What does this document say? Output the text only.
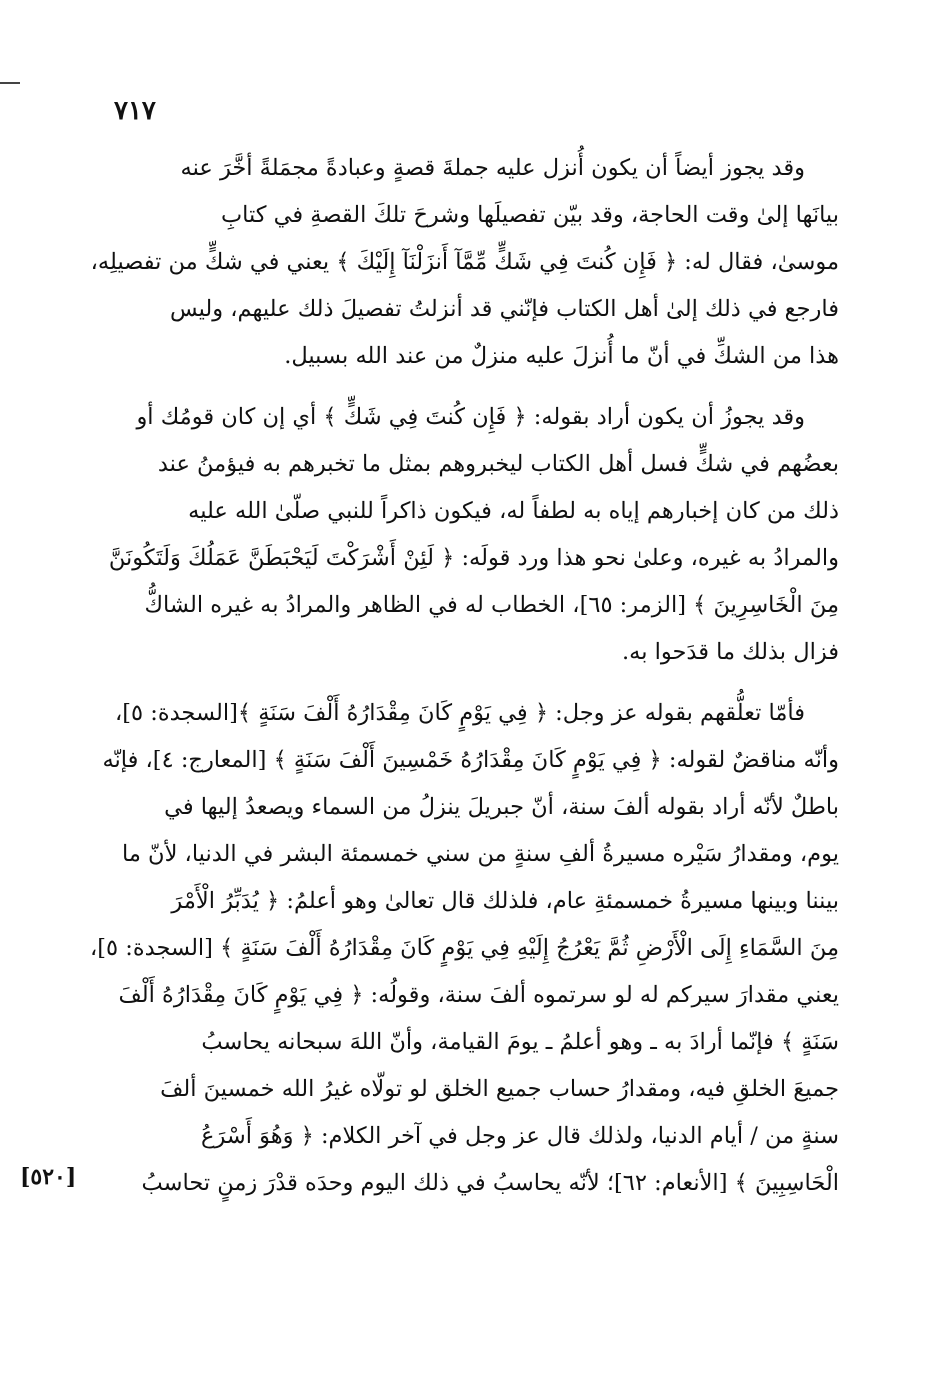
٧١٧
[٥٢٠]
وقد يجوز أيضاً أن يكون أُنزل عليه جملةَ قصةٍ وعبادةً مجمَلةً أخَّرَ عنه
بيانَها إلىٰ وقت الحاجة، وقد بيّن تفصيلَها وشرحَ تلكَ القصةِ في كتابِ
موسىٰ، فقال له: ﴿ فَإِن كُنتَ فِي شَكٍّ مِّمَّآ أَنزَلْنَآ إِلَيْكَ ﴾ يعني في شكٍّ من تفصيلِه،
فارجع في ذلك إلىٰ أهل الكتاب فإنّني قد أنزلتُ تفصيلَ ذلك عليهم، وليس
هذا من الشكِّ في أنّ ما أُنزلَ عليه منزلٌ من عند الله بسبيل.
وقد يجوزُ أن يكون أراد بقوله: ﴿ فَإِن كُنتَ فِي شَكٍّ ﴾ أي إن كان قومُك أو
بعضُهم في شكٍّ فسل أهل الكتاب ليخبروهم بمثل ما تخبرهم به فيؤمنُ عند
ذلك من كان إخبارهم إياه به لطفاً له، فيكون ذاكراً للنبي صلّىٰ الله عليه
والمرادُ به غيره، وعلىٰ نحو هذا ورد قولَه: ﴿ لَئِنْ أَشْرَكْتَ لَيَحْبَطَنَّ عَمَلُكَ وَلَتَكُونَنَّ
مِنَ الْخَاسِرِينَ ﴾ [الزمر: ٦٥]، الخطاب له في الظاهر والمرادُ به غيره الشاكُّ
فزال بذلك ما قدَحوا به.
فأمّا تعلُّقهم بقوله عز وجل: ﴿ فِي يَوْمٍ كَانَ مِقْدَارُهُ أَلْفَ سَنَةٍ ﴾[السجدة: ٥]،
وأنّه مناقضٌ لقوله: ﴿ فِي يَوْمٍ كَانَ مِقْدَارُهُ خَمْسِينَ أَلْفَ سَنَةٍ ﴾ [المعارج: ٤]، فإنّه
باطلٌ لأنّه أراد بقوله ألفَ سنة، أنّ جبريلَ ينزلُ من السماء ويصعدُ إليها في
يوم، ومقدارُ سَيْره مسيرةُ ألفِ سنةٍ من سني خمسمئة البشر في الدنيا، لأنّ ما
بيننا وبينها مسيرةُ خمسمئةِ عام، فلذلك قال تعالىٰ وهو أعلمُ: ﴿ يُدَبِّرُ الْأَمْرَ
مِنَ السَّمَاءِ إِلَى الْأَرْضِ ثُمَّ يَعْرُجُ إِلَيْهِ فِي يَوْمٍ كَانَ مِقْدَارُهُ أَلْفَ سَنَةٍ ﴾ [السجدة: ٥]،
يعني مقدارَ سيركم له لو سرتموه ألفَ سنة، وقولُه: ﴿ فِي يَوْمٍ كَانَ مِقْدَارُهُ أَلْفَ
سَنَةٍ ﴾ فإنّما أرادَ به ـ وهو أعلمُ ـ يومَ القيامة، وأنّ اللهَ سبحانه يحاسبُ
جميعَ الخلقِ فيه، ومقدارُ حساب جميع الخلق لو تولّاه غيرُ الله خمسينَ ألفَ
سنةٍ من / أيام الدنيا، ولذلك قال عز وجل في آخر الكلام: ﴿ وَهُوَ أَسْرَعُ
الْحَاسِبِينَ ﴾ [الأنعام: ٦٢]؛ لأنّه يحاسبُ في ذلك اليوم وحدَه قدْرَ زمنٍ تحاسبُ
